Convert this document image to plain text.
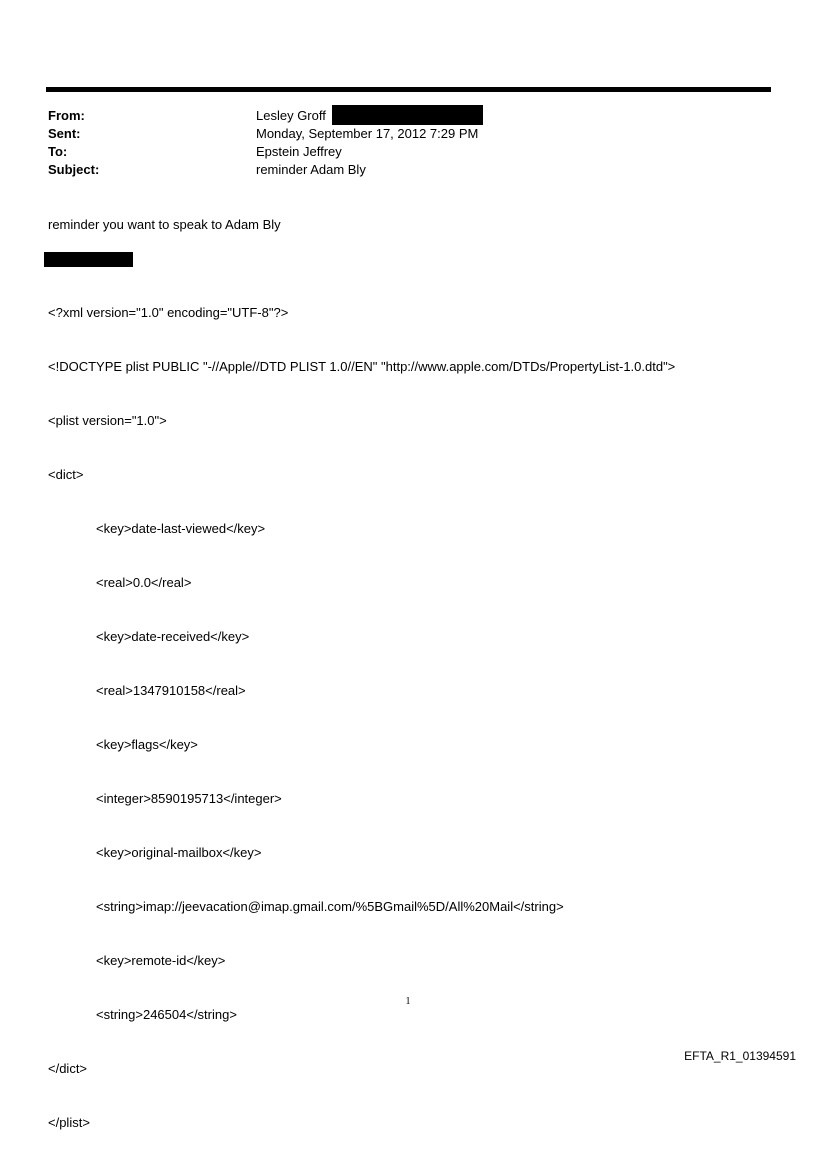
From:	Lesley Groff
Sent:	Monday, September 17, 2012 7:29 PM
To:	Epstein Jeffrey
Subject:	reminder Adam Bly
reminder you want to speak to Adam Bly

<?xml version="1.0" encoding="UTF-8"?>

<!DOCTYPE plist PUBLIC "-//Apple//DTD PLIST 1.0//EN" "http://www.apple.com/DTDs/PropertyList-1.0.dtd">

<plist version="1.0">

<dict>

<key>date-last-viewed</key>

<real>0.0</real>

<key>date-received</key>

<real>1347910158</real>

<key>flags</key>

<integer>8590195713</integer>

<key>original-mailbox</key>

<string>imap://jeevacation@imap.gmail.com/%5BGmail%5D/All%20Mail</string>

<key>remote-id</key>

<string>246504</string>

</dict>

</plist>

1
EFTA_R1_01394591
